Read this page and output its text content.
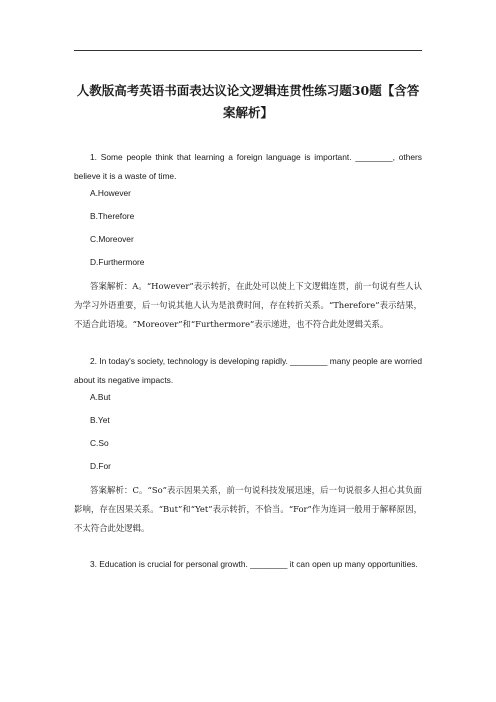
人教版高考英语书面表达议论文逻辑连贯性练习题30题【含答案解析】
1. Some people think that learning a foreign language is important. ________, others believe it is a waste of time.
A.However
B.Therefore
C.Moreover
D.Furthermore
答案解析：A。“However”表示转折，在此处可以使上下文逻辑连贯，前一句说有些人认为学习外语重要，后一句说其他人认为是浪费时间，存在转折关系。“Therefore”表示结果，不适合此语境。“Moreover”和“Furthermore”表示递进，也不符合此处逻辑关系。
2. In today's society, technology is developing rapidly. ________ many people are worried about its negative impacts.
A.But
B.Yet
C.So
D.For
答案解析：C。“So”表示因果关系，前一句说科技发展迅速，后一句说很多人担心其负面影响，存在因果关系。“But”和“Yet”表示转折，不恰当。“For”作为连词一般用于解释原因，不太符合此处逻辑。
3. Education is crucial for personal growth. ________ it can open up many opportunities.
